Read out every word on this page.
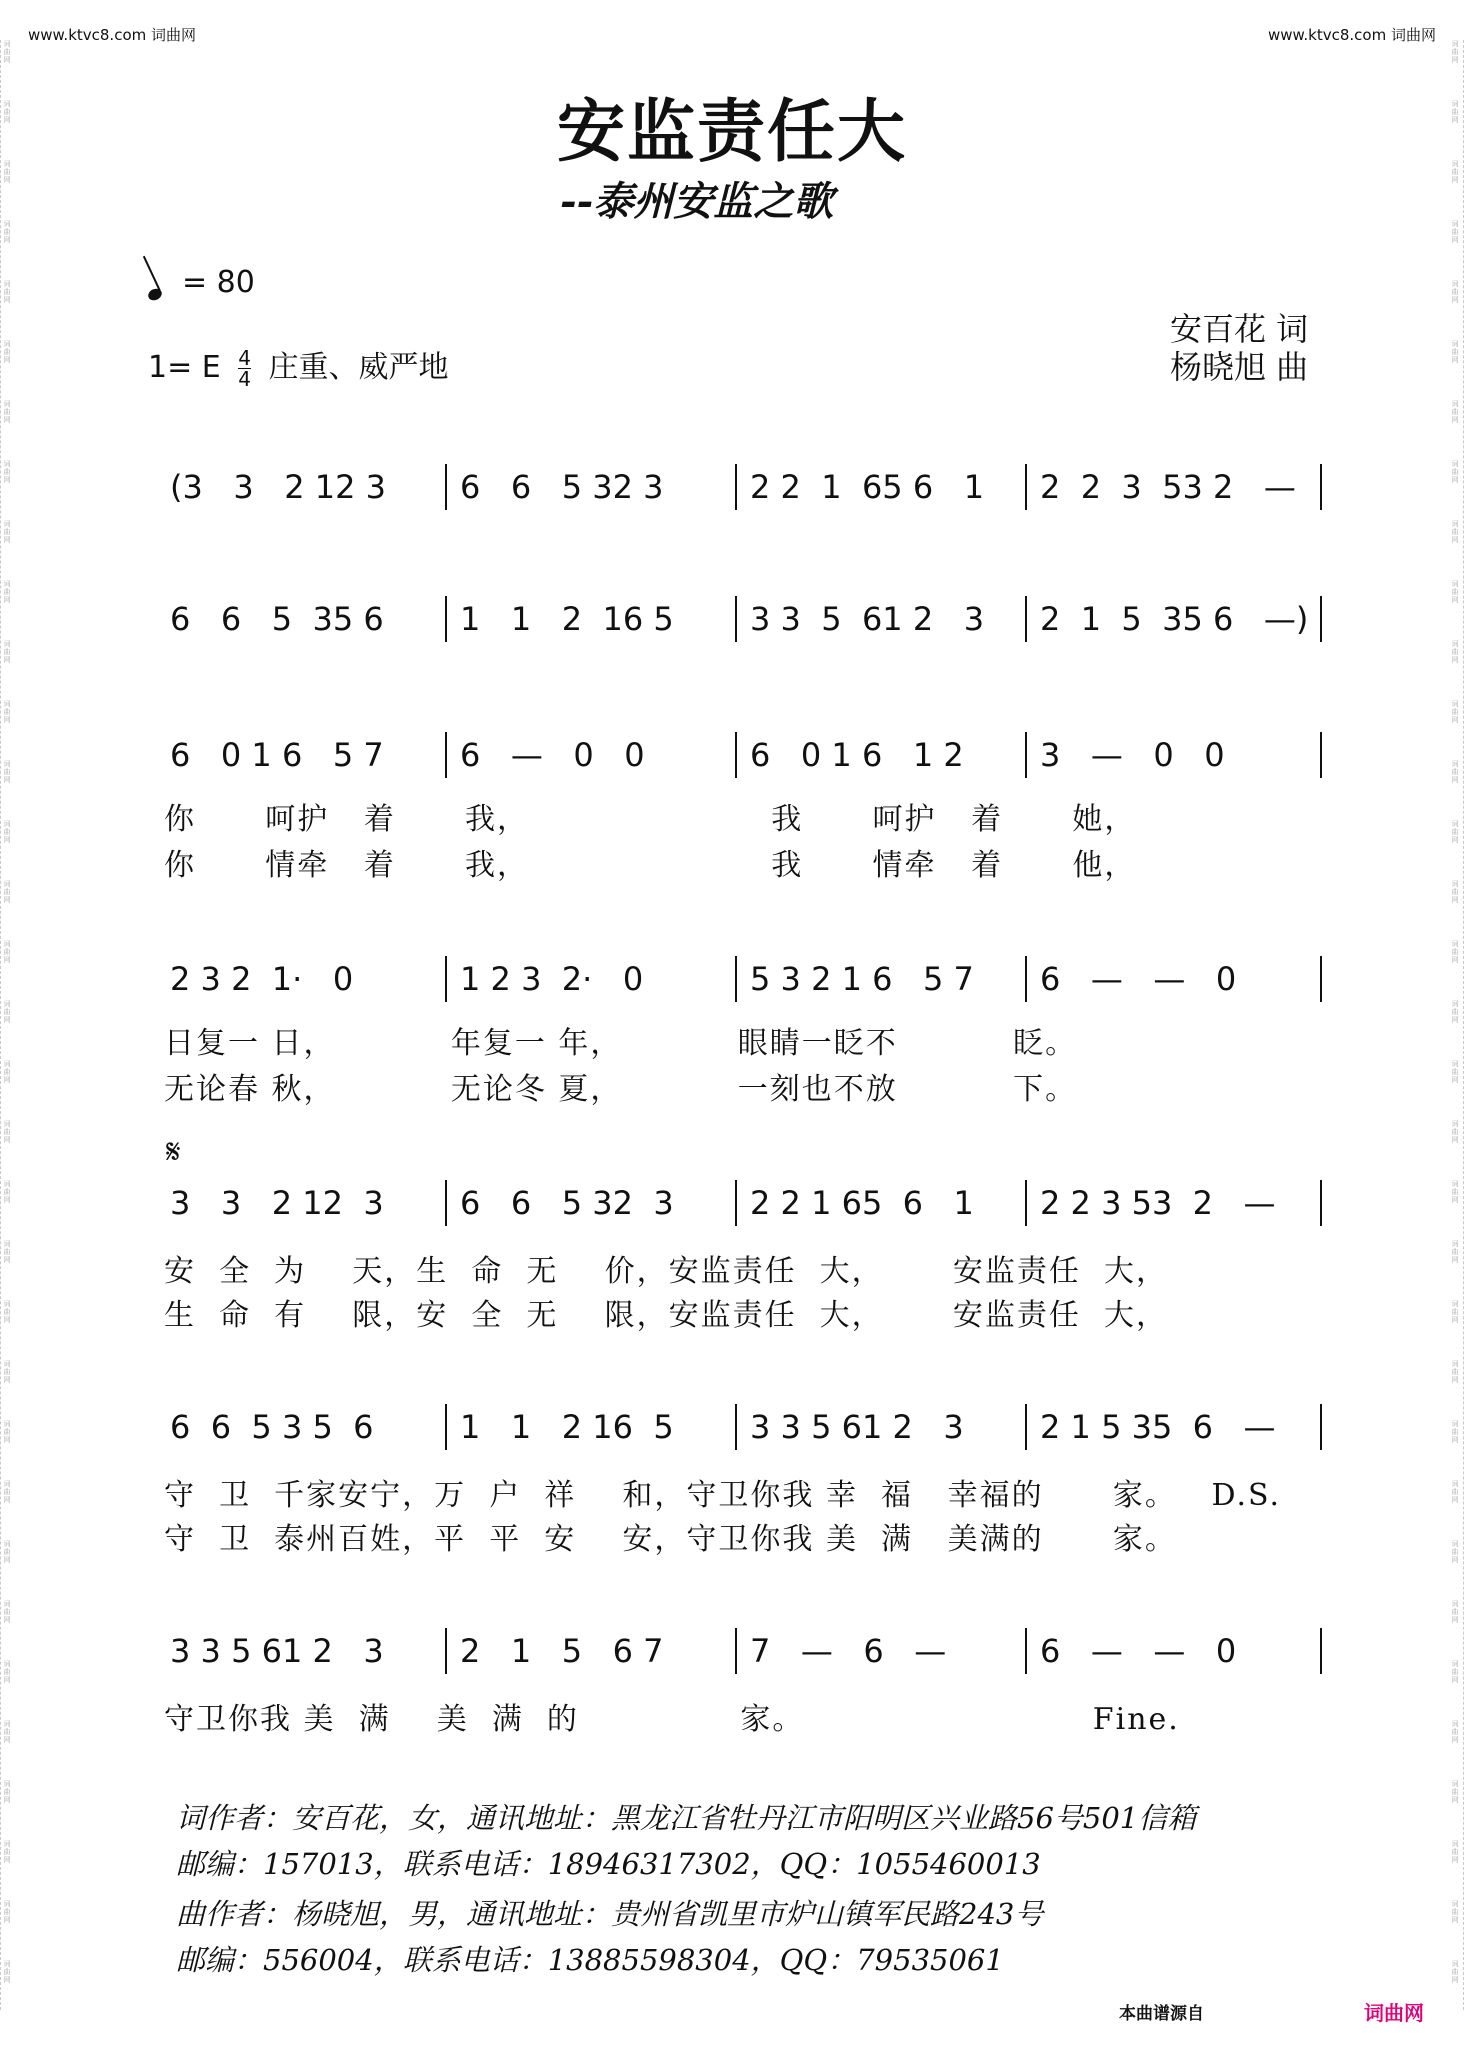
词曲网
词曲网
词曲网
词曲网
词曲网
词曲网
词曲网
词曲网
词曲网
词曲网
词曲网
词曲网
词曲网
词曲网
词曲网
词曲网
词曲网
词曲网
词曲网
词曲网
词曲网
词曲网
词曲网
词曲网
词曲网
词曲网
词曲网
词曲网
词曲网
词曲网
词曲网
词曲网
词曲网
词曲网
词曲网
词曲网
词曲网
词曲网
词曲网
词曲网
词曲网
词曲网
词曲网
词曲网
词曲网
词曲网
词曲网
词曲网
词曲网
词曲网
词曲网
词曲网
词曲网
词曲网
词曲网
词曲网
词曲网
词曲网
词曲网
词曲网
词曲网
词曲网
词曲网
词曲网
词曲网
词曲网
www.ktvc8.com 词曲网	www.ktvc8.com 词曲网
安监责任大
--泰州安监之歌
= 80
1= E $\frac{4}{4}$ 庄重、威严地
安百花 词
杨晓旭 曲
(3   3   2 12 3 6   6   5 32 3	2 2  1  65 6   1 2  2  3  53 2   —
6   6   5  35 6 1   1   2  16 5 3 3  5  61 2   3 2  1  5  35 6   —)
6   0 1 6   5 7 6   —   0   0	6   0 1 6   1 2 3   —   0   0
2 3 2  1·   0	1 2 3  2·   0	5 3 2 1 6   5 7 6   —   —   0
3   3   2 12  3 6   6   5 32  3 2 2 1 65  6   1 2 2 3 53  2   —
6  6  5 3 5  6	1   1   2 16  5 3 3 5 61 2   3 2 1 5 35  6   —
3 3 5 61 2   3 2   1   5   6 7	7   —   6   —	6   —   —   0
你      呵护   着      我，                     我      呵护   着      她，
你      情牵   着      我，                     我      情牵   着      他，
日复一 日，          年复一 年，          眼睛一眨不          眨。
无论春 秋，          无论冬 夏，          一刻也不放          下。
安  全  为    天，生  命  无    价，安监责任  大，      安监责任  大，
生  命  有    限，安  全  无    限，安监责任  大，      安监责任  大，
守  卫  千家安宁，万  户  祥    和，守卫你我 幸  福   幸福的      家。   D.S.
守  卫  泰州百姓，平  平  安    安，守卫你我 美  满   美满的      家。
守卫你我 美  满    美  满  的              家。                         Fine.
𝄋
词作者：安百花，女，通讯地址：黑龙江省牡丹江市阳明区兴业路56号501信箱
邮编：157013，联系电话：18946317302，QQ：1055460013
曲作者：杨晓旭，男，通讯地址：贵州省凯里市炉山镇军民路243号
邮编：556004，联系电话：13885598304，QQ：79535061
本曲谱源自	词曲网
